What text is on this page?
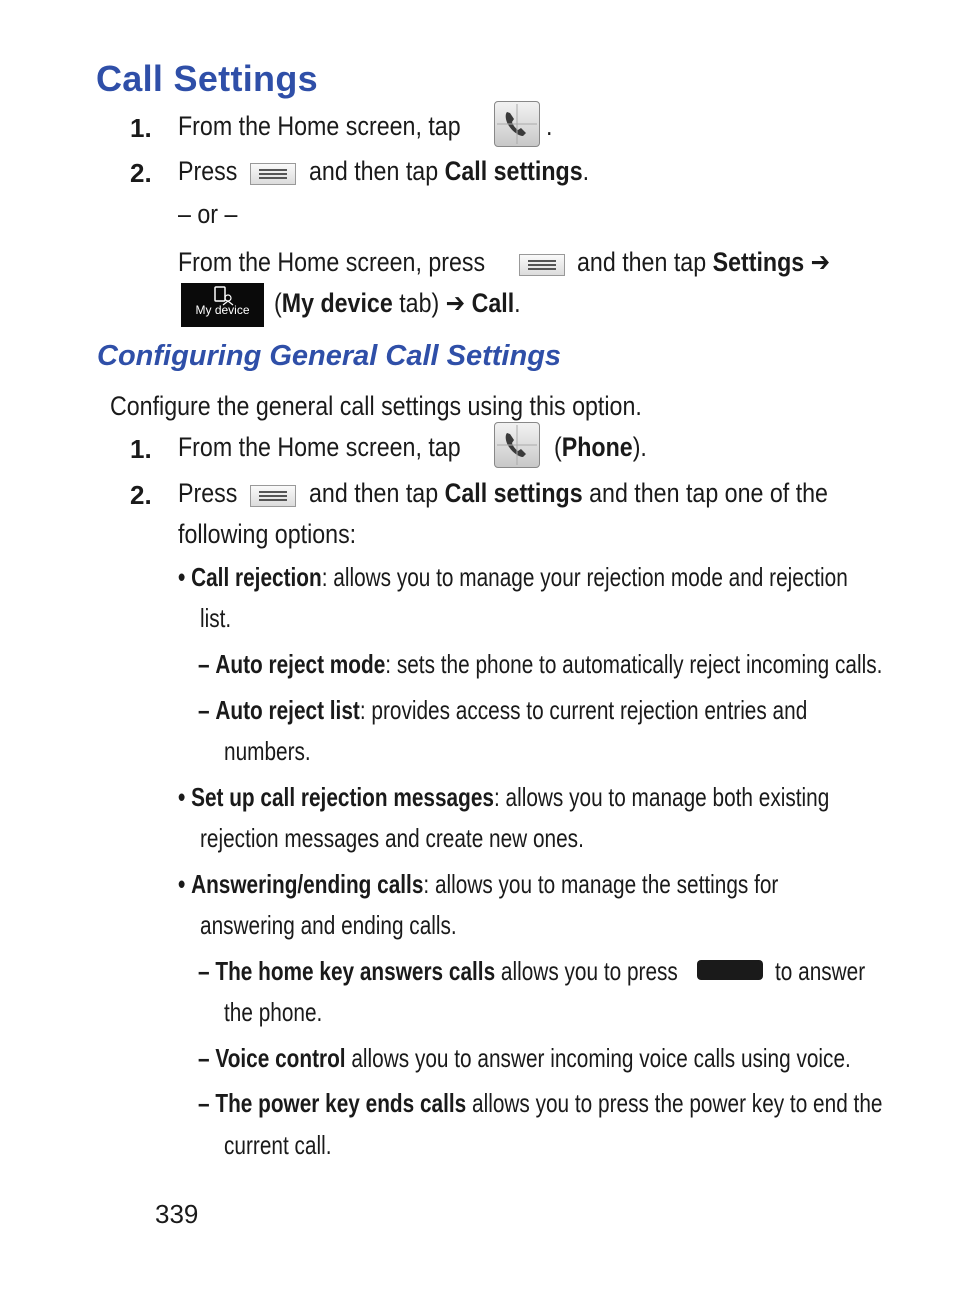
Call Settings
1. From the Home screen, tap	.
2. Press	and then tap Call settings.
– or –
From the Home screen, press	and then tap Settings ➔
My device (My device tab) ➔ Call.
Configuring General Call Settings
Configure the general call settings using this option.
1. From the Home screen, tap	(Phone).
2. Press	and then tap Call settings and then tap one of the
following options:
• Call rejection: allows you to manage your rejection mode and rejection
list.
– Auto reject mode: sets the phone to automatically reject incoming calls.
– Auto reject list: provides access to current rejection entries and
numbers.
• Set up call rejection messages: allows you to manage both existing
rejection messages and create new ones.
• Answering/ending calls: allows you to manage the settings for
answering and ending calls.
– The home key answers calls allows you to press	to answer
the phone.
– Voice control allows you to answer incoming voice calls using voice.
– The power key ends calls allows you to press the power key to end the
current call.
339
